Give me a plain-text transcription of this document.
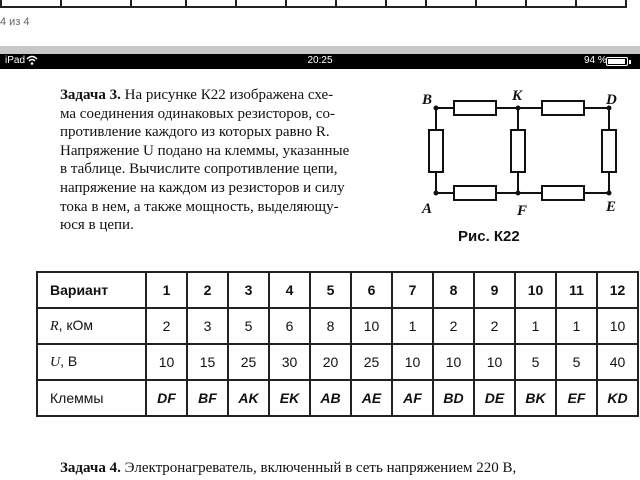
4 из 4
iPad	20:25	94 %

Задача 3. На рисунке К22 изображена схе-

ма соединения одинаковых резисторов, со-

противление каждого из которых равно R.

Напряжение U подано на клеммы, указанные

в таблице. Вычислите сопротивление цепи,

напряжение на каждом из резисторов и силу

тока в нем, а также мощность, выделяющу-

юся в цепи.

B	K	D
A	F	E
Рис. К22
Вариант	1	2	3	4	5	6	7	8	9	10	11	12
R, кОм	2	3	5	6	8	10	1	2	2	1	1	10
U, В	10	15	25	30	20	25	10	10	10	5	5	40
Клеммы	DF	BF	AK	EK	AB	AE	AF	BD	DE	BK	EF	KD
Задача 4. Электронагреватель, включенный в сеть напряжением 220 В,
